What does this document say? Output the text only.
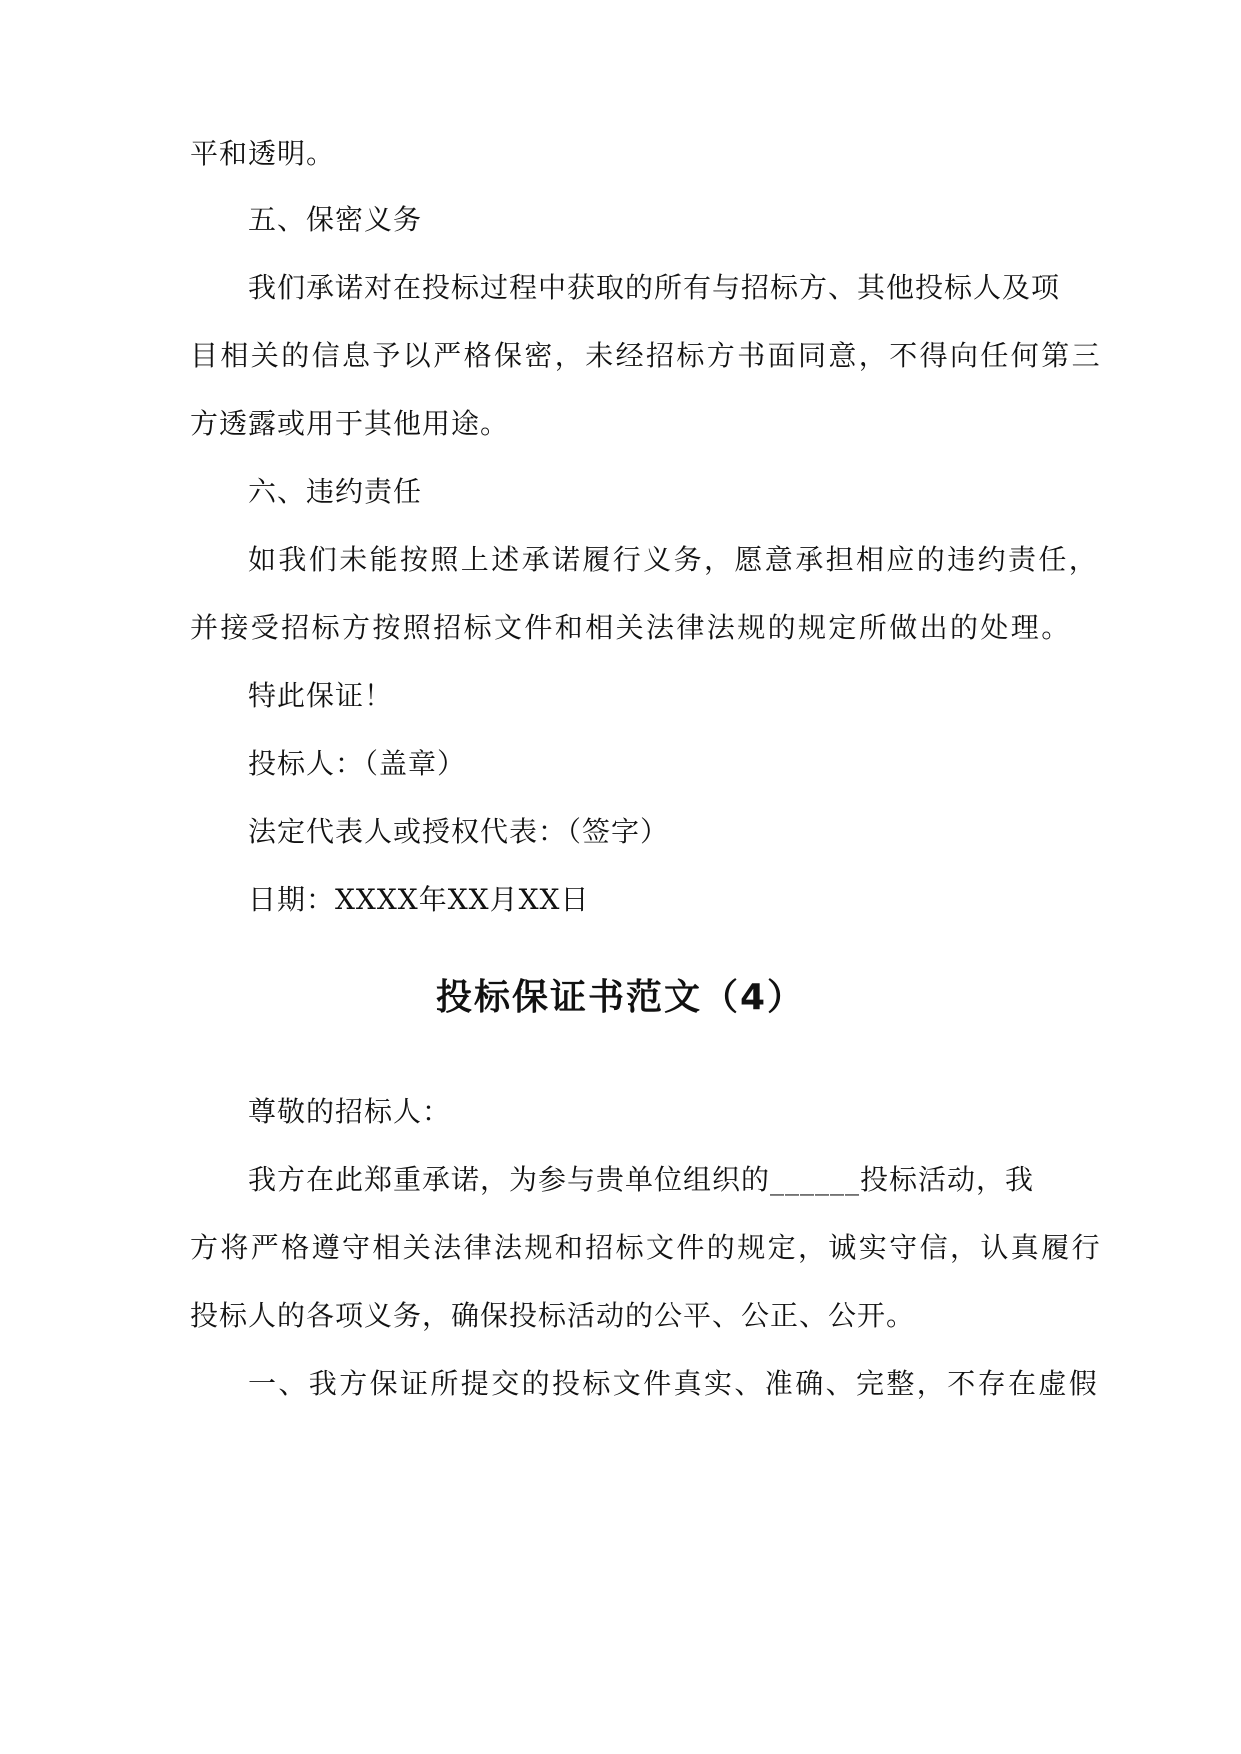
平和透明。
五、保密义务
我们承诺对在投标过程中获取的所有与招标方、其他投标人及项
目相关的信息予以严格保密，未经招标方书面同意，不得向任何第三
方透露或用于其他用途。
六、违约责任
如我们未能按照上述承诺履行义务，愿意承担相应的违约责任，
并接受招标方按照招标文件和相关法律法规的规定所做出的处理。
特此保证！
投标人：（盖章）
法定代表人或授权代表：（签字）
日期：XXXX年XX月XX日
投标保证书范文（4）
尊敬的招标人：
我方在此郑重承诺，为参与贵单位组织的______投标活动，我
方将严格遵守相关法律法规和招标文件的规定，诚实守信，认真履行
投标人的各项义务，确保投标活动的公平、公正、公开。
一、我方保证所提交的投标文件真实、准确、完整，不存在虚假
